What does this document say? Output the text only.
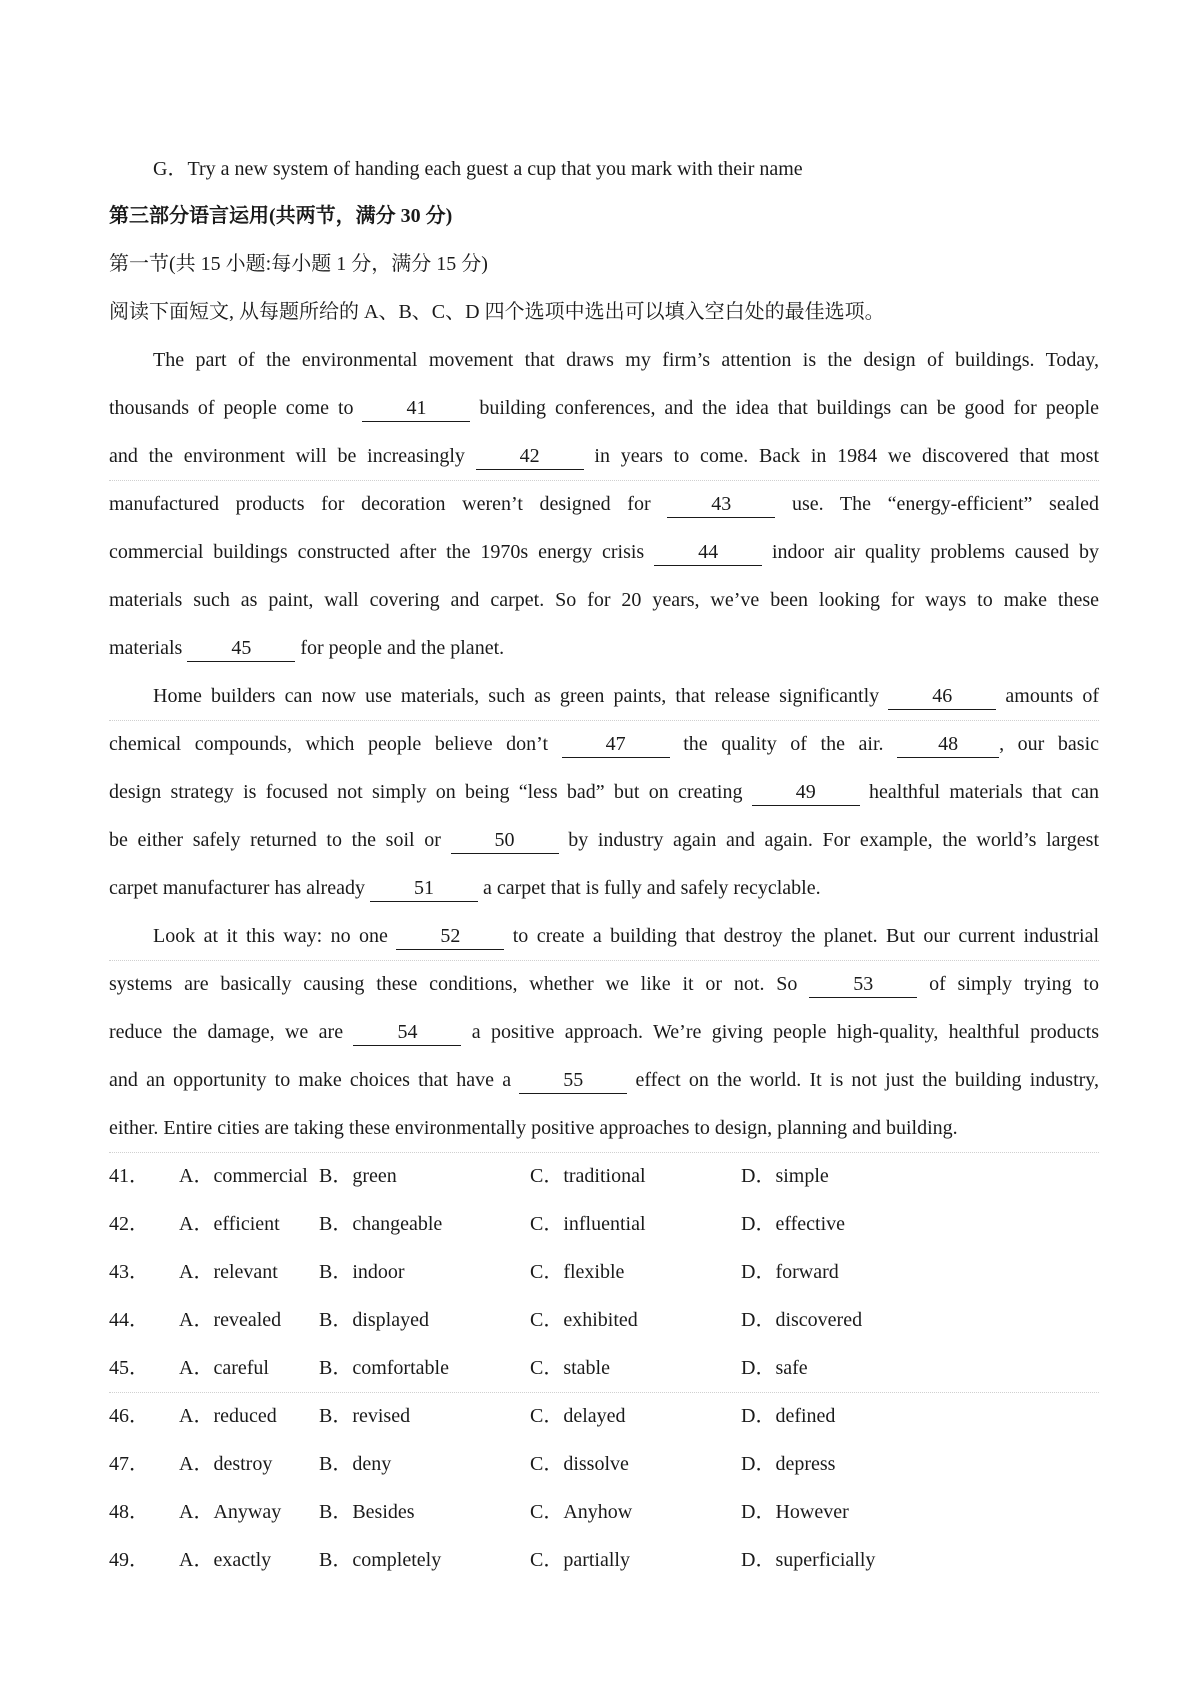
G．Try a new system of handing each guest a cup that you mark with their name
第三部分语言运用(共两节，满分 30 分)
第一节(共 15 小题:每小题 1 分，满分 15 分)
阅读下面短文, 从每题所给的 A、B、C、D 四个选项中选出可以填入空白处的最佳选项。
The part of the environmental movement that draws my firm’s attention is the design of buildings. Today,
thousands of people come to	41	building conferences, and the idea that buildings can be good for people
and the environment will be increasingly	42	in years to come. Back in 1984 we discovered that most
manufactured products for decoration weren’t designed for	43	use. The “energy-efficient” sealed
commercial buildings constructed after the 1970s energy crisis	44	indoor air quality problems caused by
materials such as paint, wall covering and carpet. So for 20 years, we’ve been looking for ways to make these
materials 45 for people and the planet.
Home builders can now use materials, such as green paints, that release significantly	46	amounts of
chemical compounds, which people believe don’t	47	the quality of the air.	48 , our basic
design strategy is focused not simply on being “less bad” but on creating	49	healthful materials that can
be either safely returned to the soil or	50	by industry again and again. For example, the world’s largest
carpet manufacturer has already 51 a carpet that is fully and safely recyclable.
Look at it this way: no one	52	to create a building that destroy the planet. But our current industrial
systems are basically causing these conditions, whether we like it or not. So	53	of simply trying to
reduce the damage, we are	54	a positive approach. We’re giving people high-quality, healthful products
and an opportunity to make choices that have a	55	effect on the world. It is not just the building industry,
either. Entire cities are taking these environmentally positive approaches to design, planning and building.
41． A．commercial B．green	C．traditional	D．simple
42． A．efficient B．changeable	C．influential	D．effective
43． A．relevant B．indoor	C．flexible	D．forward
44． A．revealed B．displayed	C．exhibited	D．discovered
45． A．careful	B．comfortable	C．stable	D．safe
46． A．reduced B．revised	C．delayed	D．defined
47． A．destroy B．deny	C．dissolve	D．depress
48． A．Anyway B．Besides	C．Anyhow	D．However
49． A．exactly B．completely	C．partially	D．superficially
